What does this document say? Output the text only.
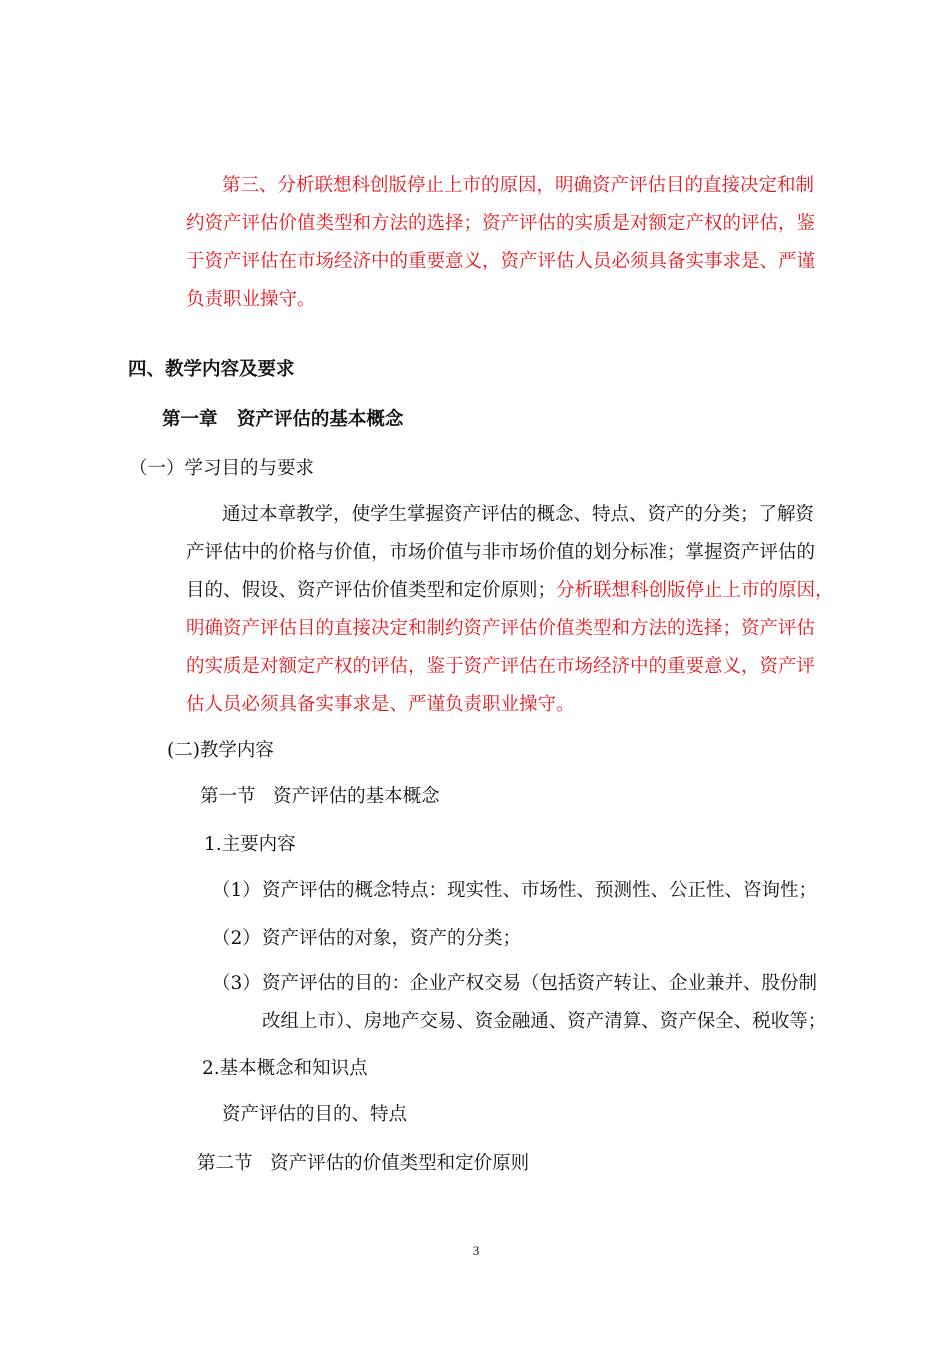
第三、分析联想科创版停止上市的原因，明确资产评估目的直接决定和制
约资产评估价值类型和方法的选择；资产评估的实质是对额定产权的评估，鉴
于资产评估在市场经济中的重要意义，资产评估人员必须具备实事求是、严谨
负责职业操守。
四、教学内容及要求
第一章   资产评估的基本概念
（一）学习目的与要求
通过本章教学，使学生掌握资产评估的概念、特点、资产的分类；了解资
产评估中的价格与价值，市场价值与非市场价值的划分标准；掌握资产评估的
目的、假设、资产评估价值类型和定价原则；分析联想科创版停止上市的原因，
明确资产评估目的直接决定和制约资产评估价值类型和方法的选择；资产评估
的实质是对额定产权的评估，鉴于资产评估在市场经济中的重要意义，资产评
估人员必须具备实事求是、严谨负责职业操守。
(二)教学内容
第一节   资产评估的基本概念
1.主要内容
（1） 资产评估的概念特点：现实性、市场性、预测性、公正性、咨询性；
（2） 资产评估的对象，资产的分类；
（3） 资产评估的目的：企业产权交易（包括资产转让、企业兼并、股份制
改组上市）、房地产交易、资金融通、资产清算、资产保全、税收等；
2.基本概念和知识点
资产评估的目的、特点
第二节   资产评估的价值类型和定价原则
3
